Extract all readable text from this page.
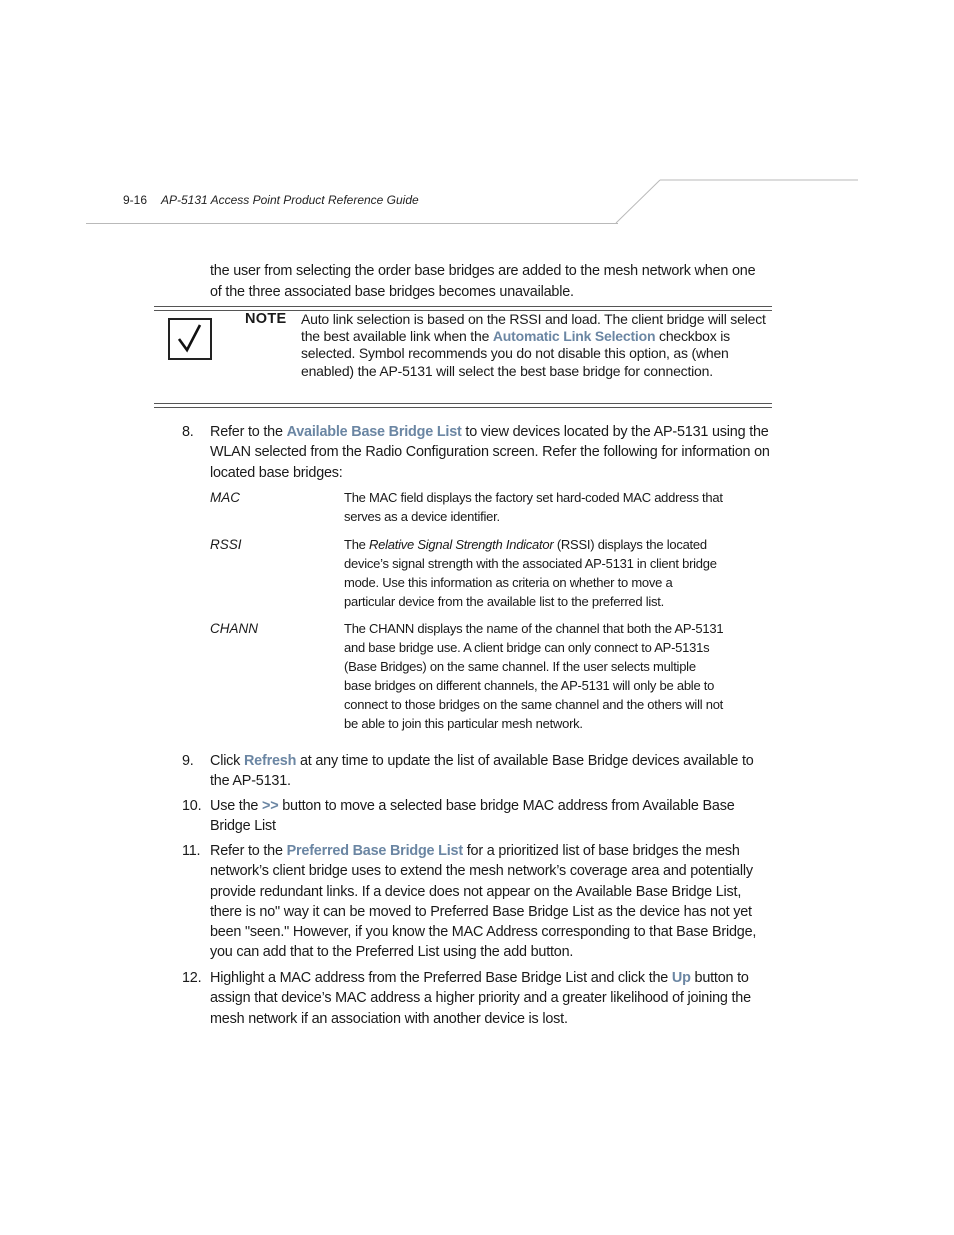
9-16 AP-5131 Access Point Product Reference Guide
the user from selecting the order base bridges are added to the mesh network when one of the three associated base bridges becomes unavailable.
NOTE Auto link selection is based on the RSSI and load. The client bridge will select the best available link when the Automatic Link Selection checkbox is selected. Symbol recommends you do not disable this option, as (when enabled) the AP-5131 will select the best base bridge for connection.
8. Refer to the Available Base Bridge List to view devices located by the AP-5131 using the WLAN selected from the Radio Configuration screen. Refer the following for information on located base bridges:
MAC	The MAC field displays the factory set hard-coded MAC address that serves as a device identifier.
RSSI	The Relative Signal Strength Indicator (RSSI) displays the located device’s signal strength with the associated AP-5131 in client bridge mode. Use this information as criteria on whether to move a particular device from the available list to the preferred list.
CHANN	The CHANN displays the name of the channel that both the AP-5131 and base bridge use. A client bridge can only connect to AP-5131s (Base Bridges) on the same channel. If the user selects multiple base bridges on different channels, the AP-5131 will only be able to connect to those bridges on the same channel and the others will not be able to join this particular mesh network.
9. Click Refresh at any time to update the list of available Base Bridge devices available to the AP-5131.
10. Use the >> button to move a selected base bridge MAC address from Available Base Bridge List
11. Refer to the Preferred Base Bridge List for a prioritized list of base bridges the mesh network’s client bridge uses to extend the mesh network’s coverage area and potentially provide redundant links. If a device does not appear on the Available Base Bridge List, there is no" way it can be moved to Preferred Base Bridge List as the device has not yet been "seen." However, if you know the MAC Address corresponding to that Base Bridge, you can add that to the Preferred List using the add button.
12. Highlight a MAC address from the Preferred Base Bridge List and click the Up button to assign that device’s MAC address a higher priority and a greater likelihood of joining the mesh network if an association with another device is lost.
